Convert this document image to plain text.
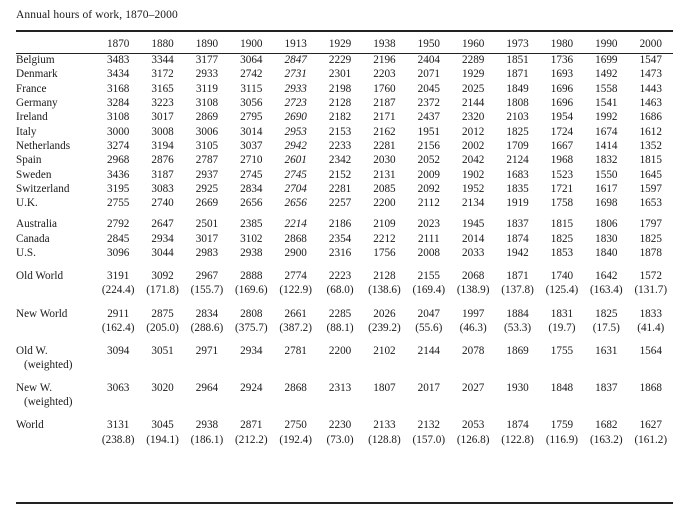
Annual hours of work, 1870–2000
	1870	1880	1890	1900	1913	1929	1938	1950	1960	1973	1980	1990	2000
Belgium	3483	3344	3177	3064	2847	2229	2196	2404	2289	1851	1736	1699	1547
Denmark	3434	3172	2933	2742	2731	2301	2203	2071	1929	1871	1693	1492	1473
France	3168	3165	3119	3115	2933	2198	1760	2045	2025	1849	1696	1558	1443
Germany	3284	3223	3108	3056	2723	2128	2187	2372	2144	1808	1696	1541	1463
Ireland	3108	3017	2869	2795	2690	2182	2171	2437	2320	2103	1954	1992	1686
Italy	3000	3008	3006	3014	2953	2153	2162	1951	2012	1825	1724	1674	1612
Netherlands	3274	3194	3105	3037	2942	2233	2281	2156	2002	1709	1667	1414	1352
Spain	2968	2876	2787	2710	2601	2342	2030	2052	2042	2124	1968	1832	1815
Sweden	3436	3187	2937	2745	2745	2152	2131	2009	1902	1683	1523	1550	1645
Switzerland	3195	3083	2925	2834	2704	2281	2085	2092	1952	1835	1721	1617	1597
U.K.	2755	2740	2669	2656	2656	2257	2200	2112	2134	1919	1758	1698	1653

Australia	2792	2647	2501	2385	2214	2186	2109	2023	1945	1837	1815	1806	1797
Canada	2845	2934	3017	3102	2868	2354	2212	2111	2014	1874	1825	1830	1825
U.S.	3096	3044	2983	2938	2900	2316	1756	2008	2033	1942	1853	1840	1878

Old World	3191	3092	2967	2888	2774	2223	2128	2155	2068	1871	1740	1642	1572
	(224.4)	(171.8)	(155.7)	(169.6)	(122.9)	(68.0)	(138.6)	(169.4)	(138.9)	(137.8)	(125.4)	(163.4)	(131.7)

New World	2911	2875	2834	2808	2661	2285	2026	2047	1997	1884	1831	1825	1833
	(162.4)	(205.0)	(288.6)	(375.7)	(387.2)	(88.1)	(239.2)	(55.6)	(46.3)	(53.3)	(19.7)	(17.5)	(41.4)

Old W.	3094	3051	2971	2934	2781	2200	2102	2144	2078	1869	1755	1631	1564
(weighted)													

New W.	3063	3020	2964	2924	2868	2313	1807	2017	2027	1930	1848	1837	1868
(weighted)													

World	3131	3045	2938	2871	2750	2230	2133	2132	2053	1874	1759	1682	1627
	(238.8)	(194.1)	(186.1)	(212.2)	(192.4)	(73.0)	(128.8)	(157.0)	(126.8)	(122.8)	(116.9)	(163.2)	(161.2)
